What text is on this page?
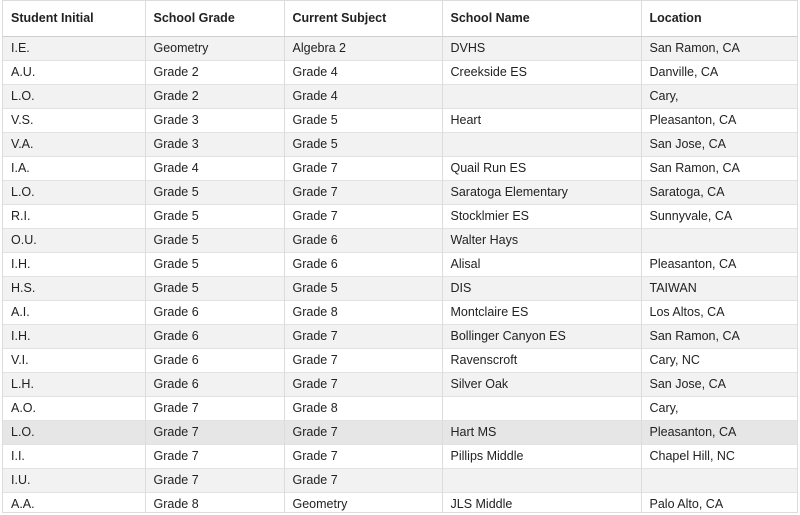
Student Initial	School Grade	Current Subject	School Name	Location
I.E.	Geometry	Algebra 2	DVHS	San Ramon, CA
A.U.	Grade 2	Grade 4	Creekside ES	Danville, CA
L.O.	Grade 2	Grade 4		Cary,
V.S.	Grade 3	Grade 5	Heart	Pleasanton, CA
V.A.	Grade 3	Grade 5		San Jose, CA
I.A.	Grade 4	Grade 7	Quail Run ES	San Ramon, CA
L.O.	Grade 5	Grade 7	Saratoga Elementary	Saratoga, CA
R.I.	Grade 5	Grade 7	Stocklmier ES	Sunnyvale, CA
O.U.	Grade 5	Grade 6	Walter Hays	
I.H.	Grade 5	Grade 6	Alisal	Pleasanton, CA
H.S.	Grade 5	Grade 5	DIS	TAIWAN
A.I.	Grade 6	Grade 8	Montclaire ES	Los Altos, CA
I.H.	Grade 6	Grade 7	Bollinger Canyon ES	San Ramon, CA
V.I.	Grade 6	Grade 7	Ravenscroft	Cary, NC
L.H.	Grade 6	Grade 7	Silver Oak	San Jose, CA
A.O.	Grade 7	Grade 8		Cary,
L.O.	Grade 7	Grade 7	Hart MS	Pleasanton, CA
I.I.	Grade 7	Grade 7	Pillips Middle	Chapel Hill, NC
I.U.	Grade 7	Grade 7		
A.A.	Grade 8	Geometry	JLS Middle	Palo Alto, CA
